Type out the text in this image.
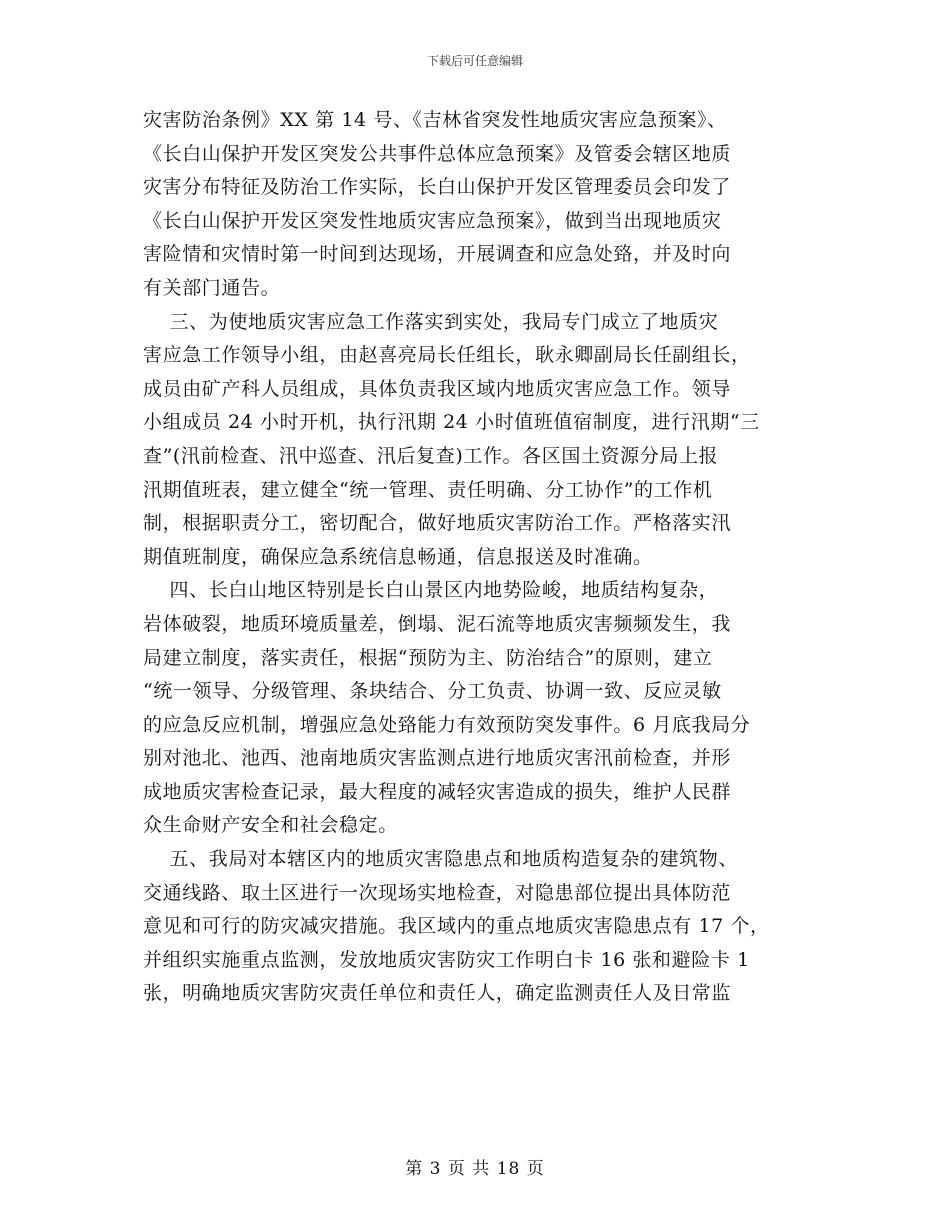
下载后可任意编辑
灾害防治条例》XX 第 14 号、《吉林省突发性地质灾害应急预案》、
《长白山保护开发区突发公共事件总体应急预案》及管委会辖区地质
灾害分布特征及防治工作实际，长白山保护开发区管理委员会印发了
《长白山保护开发区突发性地质灾害应急预案》，做到当出现地质灾
害险情和灾情时第一时间到达现场，开展调查和应急处臵，并及时向
有关部门通告。
三、为使地质灾害应急工作落实到实处，我局专门成立了地质灾
害应急工作领导小组，由赵喜亮局长任组长，耿永卿副局长任副组长，
成员由矿产科人员组成，具体负责我区域内地质灾害应急工作。领导
小组成员 24 小时开机，执行汛期 24 小时值班值宿制度，进行汛期“三
查”(汛前检查、汛中巡查、汛后复查)工作。各区国土资源分局上报
汛期值班表，建立健全“统一管理、责任明确、分工协作”的工作机
制，根据职责分工，密切配合，做好地质灾害防治工作。严格落实汛
期值班制度，确保应急系统信息畅通，信息报送及时准确。
四、长白山地区特别是长白山景区内地势险峻，地质结构复杂，
岩体破裂，地质环境质量差，倒塌、泥石流等地质灾害频频发生，我
局建立制度，落实责任，根据“预防为主、防治结合”的原则，建立
“统一领导、分级管理、条块结合、分工负责、协调一致、反应灵敏
的应急反应机制，增强应急处臵能力有效预防突发事件。6 月底我局分
别对池北、池西、池南地质灾害监测点进行地质灾害汛前检查，并形
成地质灾害检查记录，最大程度的减轻灾害造成的损失，维护人民群
众生命财产安全和社会稳定。
五、我局对本辖区内的地质灾害隐患点和地质构造复杂的建筑物、
交通线路、取土区进行一次现场实地检查，对隐患部位提出具体防范
意见和可行的防灾减灾措施。我区域内的重点地质灾害隐患点有 17 个，
并组织实施重点监测，发放地质灾害防灾工作明白卡 16 张和避险卡 1
张，明确地质灾害防灾责任单位和责任人，确定监测责任人及日常监
第 3 页 共 18 页
